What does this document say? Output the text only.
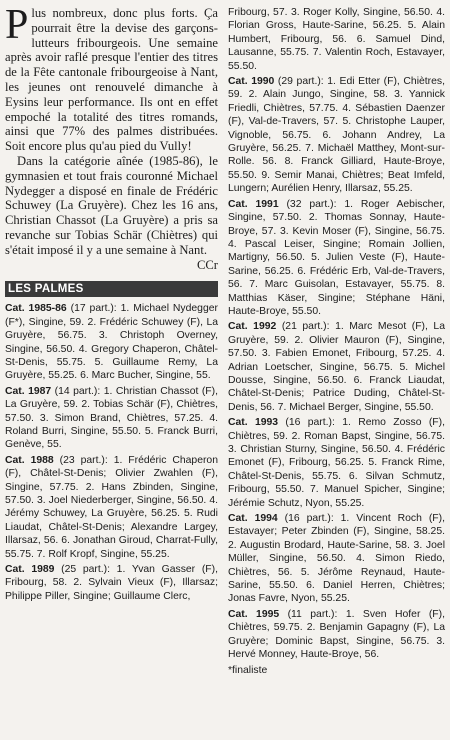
Plus nombreux, donc plus forts. Ça pourrait être la devise des garçons-lutteurs fribourgeois. Une semaine après avoir raflé presque l'entier des titres de la Fête cantonale fribourgeoise à Nant, les jeunes ont renouvelé dimanche à Eysins leur performance. Ils ont en effet empoché la totalité des titres romands, ainsi que 77% des palmes distribuées. Soit encore plus qu'au pied du Vully!

Dans la catégorie aînée (1985-86), le gymnasien et tout frais couronné Michael Nydegger a disposé en finale de Frédéric Schuwey (La Gruyère). Chez les 16 ans, Christian Chassot (La Gruyère) a pris sa revanche sur Tobias Schär (Chiètres) qui s'était imposé il y a une semaine à Nant.

CCr

LES PALMES

Cat. 1985-86 (17 part.): 1. Michael Nydegger (F*), Singine, 59. 2. Frédéric Schuwey (F), La Gruyère, 56.75. 3. Christoph Overney, Singine, 56.50. 4. Gregory Chaperon, Châtel-St-Denis, 55.75. 5. Guillaume Remy, La Gruyère, 55.25. 6. Marc Bucher, Singine, 55.

Cat. 1987 (14 part.): 1. Christian Chassot (F), La Gruyère, 59. 2. Tobias Schär (F), Chiètres, 57.50. 3. Simon Brand, Chiètres, 57.25. 4. Roland Burri, Singine, 55.50. 5. Franck Burri, Genève, 55.

Cat. 1988 (23 part.): 1. Frédéric Chaperon (F), Châtel-St-Denis; Olivier Zwahlen (F), Singine, 57.75. 2. Hans Zbinden, Singine, 57.50. 3. Joel Niederberger, Singine, 56.50. 4. Jérémy Schuwey, La Gruyère, 56.25. 5. Rudi Liaudat, Châtel-St-Denis; Alexandre Largey, Illarsaz, 56. 6. Jonathan Giroud, Charrat-Fully, 55.75. 7. Rolf Kropf, Singine, 55.25.

Cat. 1989 (25 part.): 1. Yvan Gasser (F), Fribourg, 58. 2. Sylvain Vieux (F), Illarsaz; Philippe Piller, Singine; Guillaume Clerc,

Fribourg, 57. 3. Roger Kolly, Singine, 56.50. 4. Florian Gross, Haute-Sarine, 56.25. 5. Alain Humbert, Fribourg, 56. 6. Samuel Dind, Lausanne, 55.75. 7. Valentin Roch, Estavayer, 55.50.

Cat. 1990 (29 part.): 1. Edi Etter (F), Chiètres, 59. 2. Alain Jungo, Singine, 58. 3. Yannick Friedli, Chiètres, 57.75. 4. Sébastien Daenzer (F), Val-de-Travers, 57. 5. Christophe Lauper, Vignoble, 56.75. 6. Johann Andrey, La Gruyère, 56.25. 7. Michaël Matthey, Mont-sur-Rolle. 56. 8. Franck Gilliard, Haute-Broye, 55.50. 9. Semir Manai, Chiètres; Beat Imfeld, Lungern; Aurélien Henry, Illarsaz, 55.25.

Cat. 1991 (32 part.): 1. Roger Aebischer, Singine, 57.50. 2. Thomas Sonnay, Haute-Broye, 57. 3. Kevin Moser (F), Singine, 56.75. 4. Pascal Leiser, Singine; Romain Jollien, Martigny, 56.50. 5. Julien Veste (F), Haute-Sarine, 56.25. 6. Frédéric Erb, Val-de-Travers, 56. 7. Marc Guisolan, Estavayer, 55.75. 8. Matthias Käser, Singine; Stéphane Häni, Haute-Broye, 55.50.

Cat. 1992 (21 part.): 1. Marc Mesot (F), La Gruyère, 59. 2. Olivier Mauron (F), Singine, 57.50. 3. Fabien Emonet, Fribourg, 57.25. 4. Adrian Loetscher, Singine, 56.75. 5. Michel Dousse, Singine, 56.50. 6. Franck Liaudat, Châtel-St-Denis; Patrice Duding, Châtel-St-Denis, 56. 7. Michael Berger, Singine, 55.50.

Cat. 1993 (16 part.): 1. Remo Zosso (F), Chiètres, 59. 2. Roman Bapst, Singine, 56.75. 3. Christian Sturny, Singine, 56.50. 4. Frédéric Emonet (F), Fribourg, 56.25. 5. Franck Rime, Châtel-St-Denis, 55.75. 6. Silvan Schmutz, Fribourg, 55.50. 7. Manuel Spicher, Singine; Jérémie Schutz, Nyon, 55.25.

Cat. 1994 (16 part.): 1. Vincent Roch (F), Estavayer; Peter Zbinden (F), Singine, 58.25. 2. Augustin Brodard, Haute-Sarine, 58. 3. Joel Müller, Singine, 56.50. 4. Simon Riedo, Chiètres, 56. 5. Jérôme Reynaud, Haute-Sarine, 55.50. 6. Daniel Herren, Chiètres; Jonas Favre, Nyon, 55.25.

Cat. 1995 (11 part.): 1. Sven Hofer (F), Chiètres, 59.75. 2. Benjamin Gapagny (F), La Gruyère; Dominic Bapst, Singine, 56.75. 3. Hervé Monney, Haute-Broye, 56.

*finaliste
